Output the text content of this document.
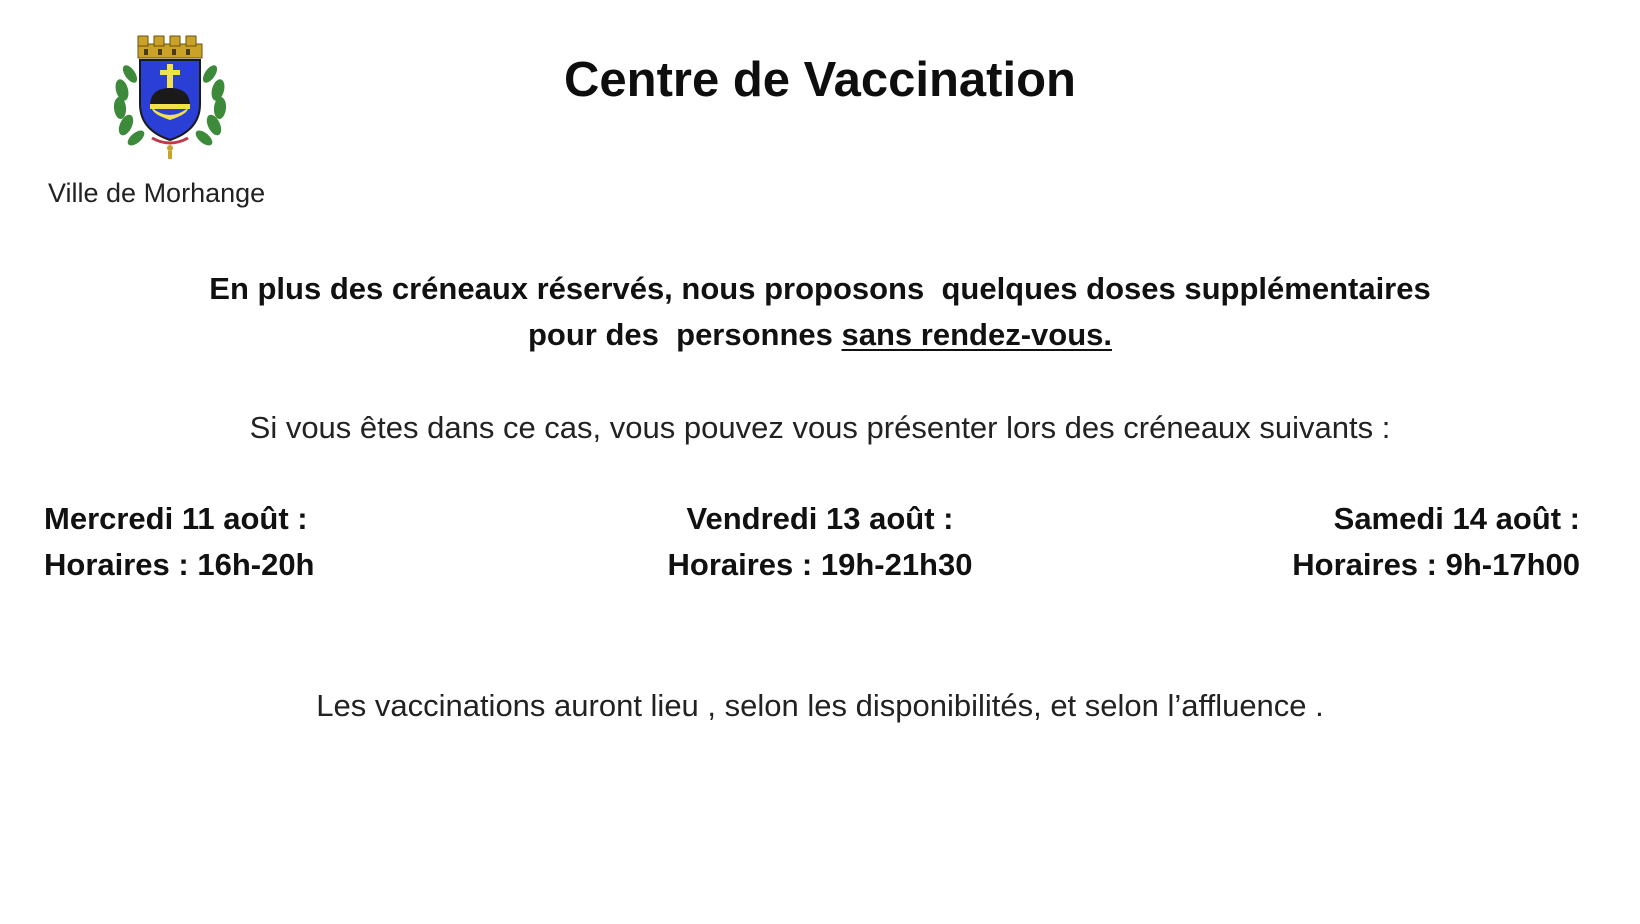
Ville de Morhange
Centre de Vaccination
En plus des créneaux réservés, nous proposons  quelques doses supplémentaires
pour des  personnes sans rendez-vous.
Si vous êtes dans ce cas, vous pouvez vous présenter lors des créneaux suivants :
Mercredi 11 août :
Horaires : 16h-20h
Vendredi 13 août :
Horaires : 19h-21h30
Samedi 14 août :
Horaires : 9h-17h00
Les vaccinations auront lieu , selon les disponibilités, et selon l’affluence .
